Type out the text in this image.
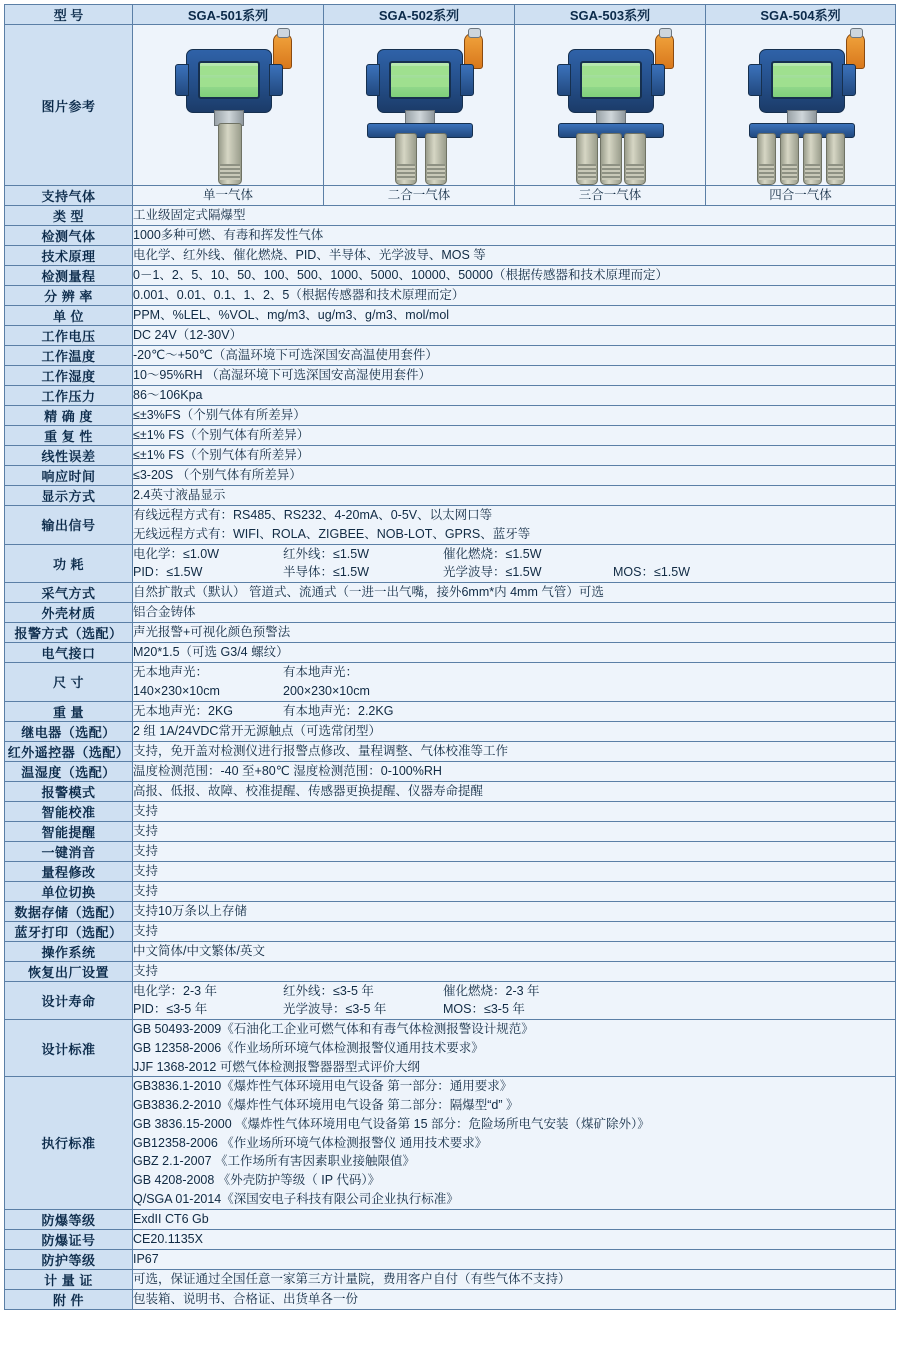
型 号	SGA-501系列	SGA-502系列	SGA-503系列	SGA-504系列
图片参考	

支持气体	单一气体	二合一气体	三合一气体	四合一气体
类 型	工业级固定式隔爆型			

检测气体	1000多种可燃、有毒和挥发性气体			

技术原理	电化学、红外线、催化燃烧、PID、半导体、光学波导、MOS 等			

检测量程	0－1、2、5、10、50、100、500、1000、5000、10000、50000（根据传感器和技术原理而定）			

分 辨 率	0.001、0.01、0.1、1、2、5（根据传感器和技术原理而定）			

单 位	PPM、%LEL、%VOL、mg/m3、ug/m3、g/m3、mol/mol			

工作电压	DC 24V（12-30V）			

工作温度	-20℃～+50℃（高温环境下可选深国安高温使用套件）			

工作湿度	10～95%RH （高湿环境下可选深国安高湿使用套件）			

工作压力	86～106Kpa			

精 确 度	≤±3%FS（个别气体有所差异）			

重 复 性	≤±1% FS（个别气体有所差异）			

线性误差	≤±1% FS（个别气体有所差异）			

响应时间	≤3-20S （个别气体有所差异）			

显示方式	2.4英寸液晶显示			

输出信号	有线远程方式有：RS485、RS232、4-20mA、0-5V、以太网口等
无线远程方式有：WIFI、ROLA、ZIGBEE、NOB-LOT、GPRS、蓝牙等			

功 耗	
电化学：≤1.0W	红外线：≤1.5W	催化燃烧：≤1.5W
PID：≤1.5W	半导体：≤1.5W	光学波导：≤1.5W	MOS：≤1.5W

采气方式	自然扩散式（默认） 管道式、流通式（一进一出气嘴，接外6mm*内 4mm 气管）可选			

外壳材质	铝合金铸体			

报警方式（选配）	声光报警+可视化颜色预警法			

电气接口	M20*1.5（可选 G3/4 螺纹）			

尺 寸	无本地声光：140×230×10cm
有本地声光：200×230×10cm			

重 量	无本地声光：2KG 有本地声光：2.2KG			

继电器（选配）	2 组 1A/24VDC常开无源触点（可选常闭型）			

红外遥控器（选配）	支持，免开盖对检测仪进行报警点修改、量程调整、气体校准等工作			

温湿度（选配）	温度检测范围：-40 至+80℃ 湿度检测范围：0-100%RH			

报警模式	高报、低报、故障、校准提醒、传感器更换提醒、仪器寿命提醒			

智能校准	支持			

智能提醒	支持			

一键消音	支持			

量程修改	支持			

单位切换	支持			

数据存储（选配）	支持10万条以上存储			

蓝牙打印（选配）	支持			

操作系统	中文简体/中文繁体/英文			

恢复出厂设置	支持			

设计寿命	
电化学：2-3 年	红外线：≤3-5 年	催化燃烧：2-3 年
PID：≤3-5 年	光学波导：≤3-5 年	MOS：≤3-5 年

设计标准	GB 50493-2009《石油化工企业可燃气体和有毒气体检测报警设计规范》
GB 12358-2006《作业场所环境气体检测报警仪通用技术要求》
JJF 1368-2012 可燃气体检测报警器器型式评价大纲			

执行标准	
GB3836.1-2010《爆炸性气体环境用电气设备 第一部分：通用要求》
GB3836.2-2010《爆炸性气体环境用电气设备 第二部分：隔爆型“d” 》
GB 3836.15-2000 《爆炸性气体环境用电气设备第 15 部分：危险场所电气安装（煤矿除外）》
GB12358-2006 《作业场所环境气体检测报警仪 通用技术要求》
GBZ 2.1-2007 《工作场所有害因素职业接触限值》
GB 4208-2008 《外壳防护等级（ IP 代码）》
Q/SGA 01-2014《深国安电子科技有限公司企业执行标准》

防爆等级	ExdII CT6 Gb			

防爆证号	CE20.1135X			

防护等级	IP67			

计 量 证	可选，保证通过全国任意一家第三方计量院，费用客户自付（有些气体不支持）			

附 件	包装箱、说明书、合格证、出货单各一份			
